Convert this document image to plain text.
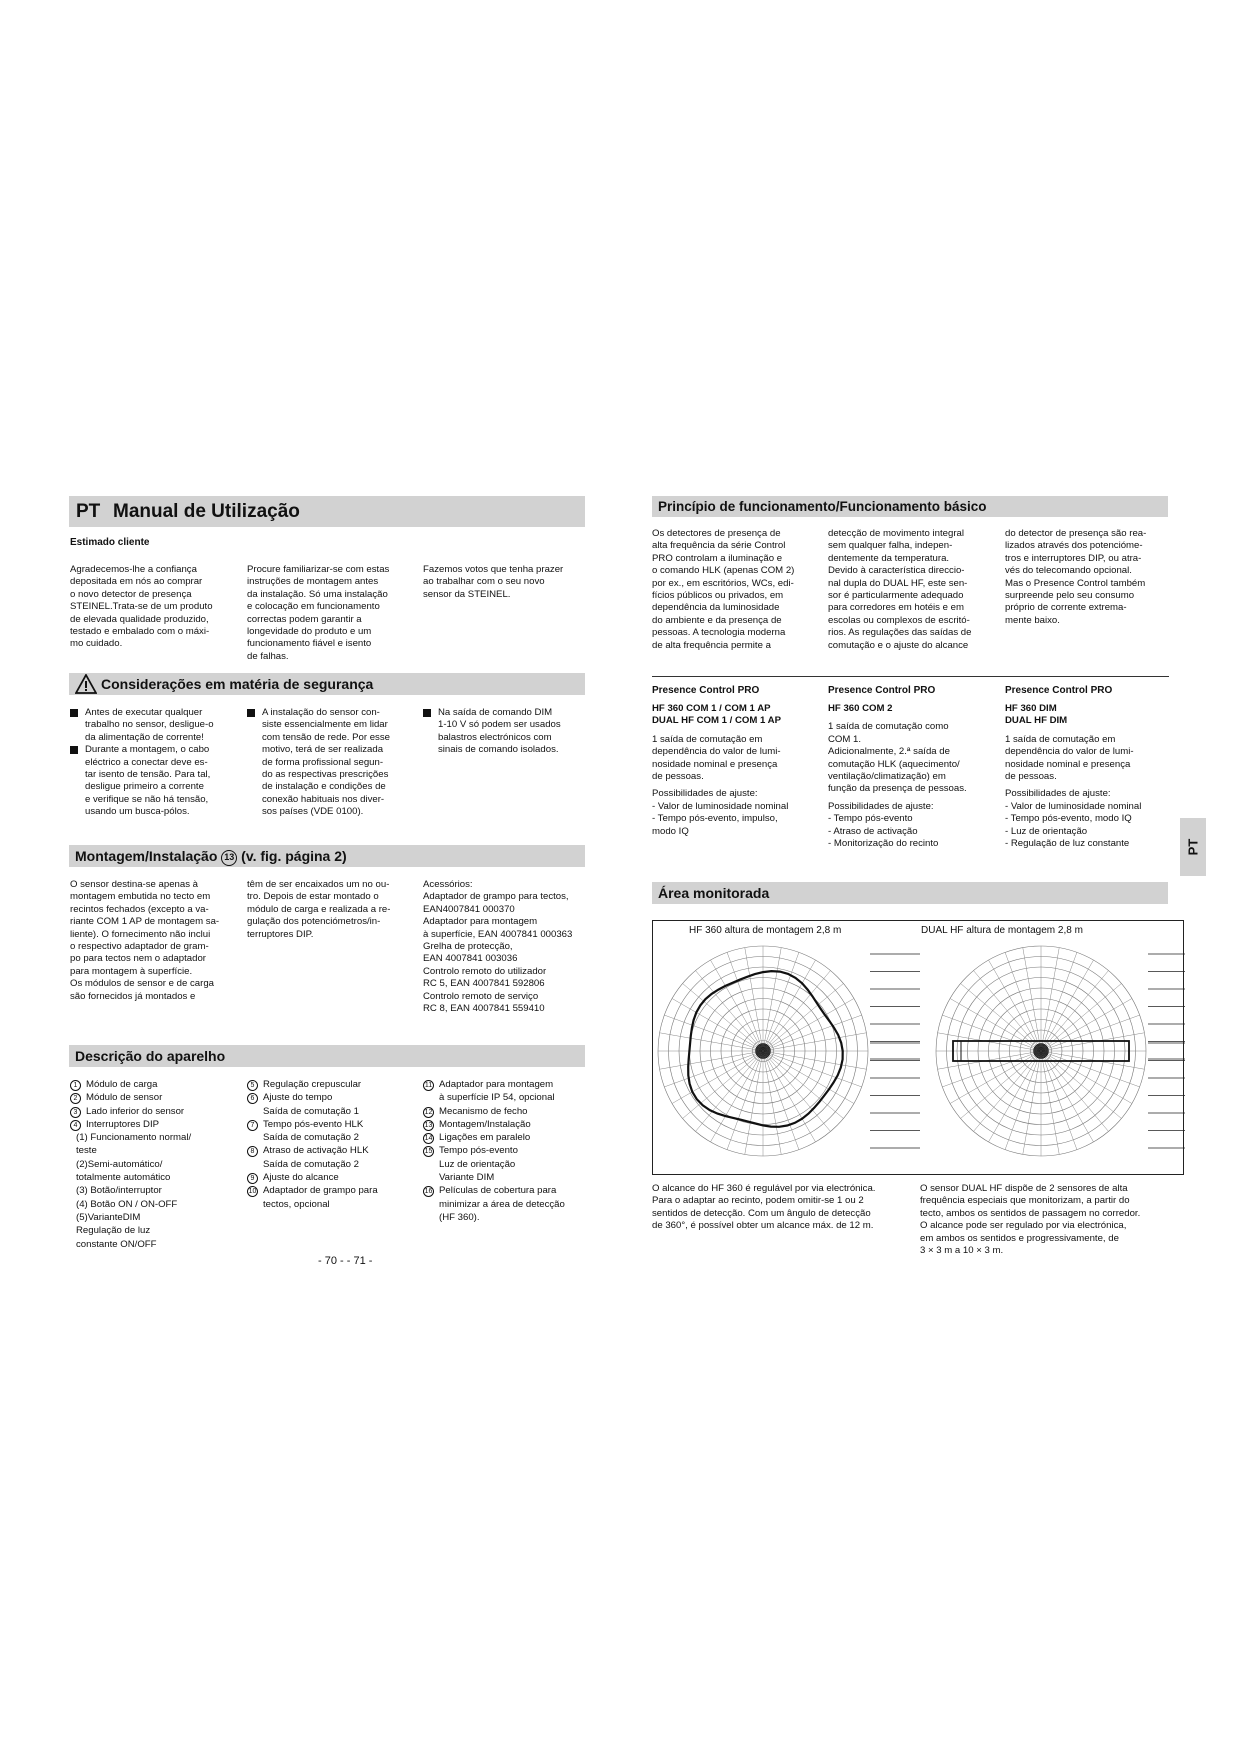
PT Manual de Utilização
Estimado cliente
Agradecemos-lhe a confiança
depositada em nós ao comprar
o novo detector de presença
STEINEL.Trata-se de um produto
de elevada qualidade produzido,
testado e embalado com o máxi-
mo cuidado.
Procure familiarizar-se com estas
instruções de montagem antes
da instalação. Só uma instalação
e colocação em funcionamento
correctas podem garantir a
longevidade do produto e um
funcionamento fiável e isento
de falhas.
Fazemos votos que tenha prazer
ao trabalhar com o seu novo
sensor da STEINEL.
Considerações em matéria de segurança
Antes de executar qualquer
trabalho no sensor, desligue-o
da alimentação de corrente!
Durante a montagem, o cabo
eléctrico a conectar deve es-
tar isento de tensão. Para tal,
desligue primeiro a corrente
e verifique se não há tensão,
usando um busca-pólos.
A instalação do sensor con-
siste essencialmente em lidar
com tensão de rede. Por esse
motivo, terá de ser realizada
de forma profissional segun-
do as respectivas prescrições
de instalação e condições de
conexão habituais nos diver-
sos países (VDE 0100).
Na saída de comando DIM
1-10 V só podem ser usados
balastros electrónicos com
sinais de comando isolados.
Montagem/Instalação 13 (v. fig. página 2)
O sensor destina-se apenas à
montagem embutida no tecto em
recintos fechados (excepto a va-
riante COM 1 AP de montagem sa-
liente). O fornecimento não inclui
o respectivo adaptador de gram-
po para tectos nem o adaptador
para montagem à superfície.
Os módulos de sensor e de carga
são fornecidos já montados e
têm de ser encaixados um no ou-
tro. Depois de estar montado o
módulo de carga e realizada a re-
gulação dos potenciómetros/in-
terruptores DIP.
Acessórios:
Adaptador de grampo para tectos,
EAN4007841 000370
Adaptador para montagem
à superfície, EAN 4007841 000363
Grelha de protecção,
EAN 4007841 003036
Controlo remoto do utilizador
RC 5, EAN 4007841 592806
Controlo remoto de serviço
RC 8, EAN 4007841 559410
Descrição do aparelho
1 Módulo de carga
2 Módulo de sensor
3 Lado inferior do sensor
4 Interruptores DIP
(1) Funcionamento normal/
teste
(2)Semi-automático/
totalmente automático
(3) Botão/interruptor
(4) Botão ON / ON-OFF
(5)VarianteDIM
Regulação de luz
constante ON/OFF
5 Regulação crepuscular
6 Ajuste do tempo
Saída de comutação 1
7 Tempo pós-evento HLK
Saída de comutação 2
8 Atraso de activação HLK
Saída de comutação 2
9 Ajuste do alcance
10 Adaptador de grampo para
tectos, opcional
11 Adaptador para montagem
à superfície IP 54, opcional
12 Mecanismo de fecho
13 Montagem/Instalação
14 Ligações em paralelo
15 Tempo pós-evento
Luz de orientação
Variante DIM
16 Películas de cobertura para
minimizar a área de detecção
(HF 360).
- 70 - - 71 -
Princípio de funcionamento/Funcionamento básico
Os detectores de presença de
alta frequência da série Control
PRO controlam a iluminação e
o comando HLK (apenas COM 2)
por ex., em escritórios, WCs, edi-
fícios públicos ou privados, em
dependência da luminosidade
do ambiente e da presença de
pessoas. A tecnologia moderna
de alta frequência permite a
detecção de movimento integral
sem qualquer falha, indepen-
dentemente da temperatura.
Devido à característica direccio-
nal dupla do DUAL HF, este sen-
sor é particularmente adequado
para corredores em hotéis e em
escolas ou complexos de escritó-
rios. As regulações das saídas de
comutação e o ajuste do alcance
do detector de presença são rea-
lizados através dos potencióme-
tros e interruptores DIP, ou atra-
vés do telecomando opcional.
Mas o Presence Control também
surpreende pelo seu consumo
próprio de corrente extrema-
mente baixo.
Presence Control PRO
HF 360 COM 1 / COM 1 AP
DUAL HF COM 1 / COM 1 AP
1 saída de comutação em
dependência do valor de lumi-
nosidade nominal e presença
de pessoas.
Possibilidades de ajuste:
- Valor de luminosidade nominal
- Tempo pós-evento, impulso,
modo IQ
Presence Control PRO
HF 360 COM 2
1 saída de comutação como
COM 1.
Adicionalmente, 2.ª saída de
comutação HLK (aquecimento/
ventilação/climatização) em
função da presença de pessoas.
Possibilidades de ajuste:
- Tempo pós-evento
- Atraso de activação
- Monitorização do recinto
Presence Control PRO
HF 360 DIM
DUAL HF DIM
1 saída de comutação em
dependência do valor de lumi-
nosidade nominal e presença
de pessoas.
Possibilidades de ajuste:
- Valor de luminosidade nominal
- Tempo pós-evento, modo IQ
- Luz de orientação
- Regulação de luz constante	PT
Área monitorada
HF 360 altura de montagem 2,8 m	DUAL HF altura de montagem 2,8 m
O alcance do HF 360 é regulável por via electrónica.
Para o adaptar ao recinto, podem omitir-se 1 ou 2
sentidos de detecção. Com um ângulo de detecção
de 360°, é possível obter um alcance máx. de 12 m.
O sensor DUAL HF dispõe de 2 sensores de alta
frequência especiais que monitorizam, a partir do
tecto, ambos os sentidos de passagem no corredor.
O alcance pode ser regulado por via electrónica,
em ambos os sentidos e progressivamente, de
3 × 3 m a 10 × 3 m.
